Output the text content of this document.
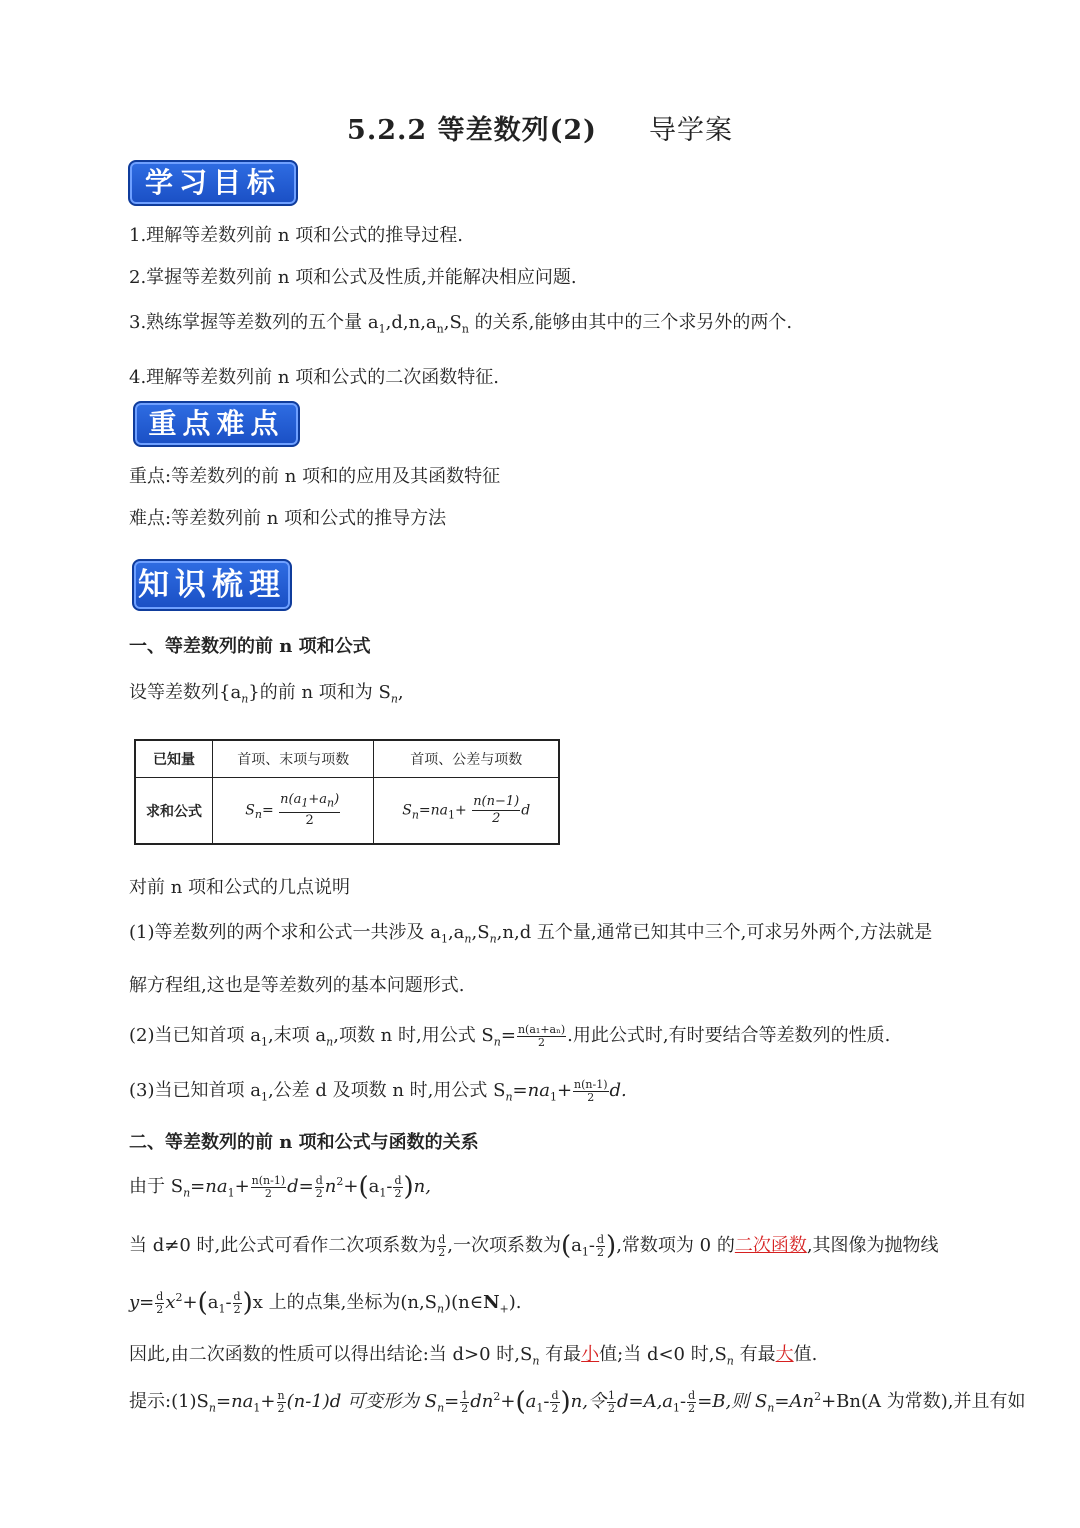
5.2.2 等差数列(2) 导学案
学习目标
1.理解等差数列前 n 项和公式的推导过程.
2.掌握等差数列前 n 项和公式及性质,并能解决相应问题.
3.熟练掌握等差数列的五个量 $a_1,d,n,a_n,S_n$ 的关系,能够由其中的三个求另外的两个.
4.理解等差数列前 n 项和公式的二次函数特征.
重点难点
重点:等差数列的前 n 项和的应用及其函数特征
难点:等差数列前 n 项和公式的推导方法
知识梳理
一、等差数列的前 n 项和公式
设等差数列$\{a_n\}$的前 n 项和为 $S_n$,
已知量	首项、末项与项数	首项、公差与项数
求和公式	$S_n= \frac{n(a_1+a_n)}{2}$	$S_n=na_1+ \frac{n(n-1)}{2}$ d
对前 n 项和公式的几点说明
(1)等差数列的两个求和公式一共涉及 $a_1,a_n,S_n,n,d$ 五个量,通常已知其中三个,可求另外两个,方法就是
解方程组,这也是等差数列的基本问题形式.
(2)当已知首项 $a_1$,末项 $a_n$,项数 n 时,用公式 $S_n= \frac{\text{n(a₁+aₙ)}}{2}$ .用此公式时,有时要结合等差数列的性质.
(3)当已知首项 $a_1$,公差 d 及项数 n 时,用公式 $S_n=na_1+ \frac{n(n-1)}{2} d$.
二、等差数列的前 n 项和公式与函数的关系
由于 $S_n=na_1+ \frac{n(n-1)}{2} d= \frac{d}{2} n^2+(a_1- \frac{d}{2} )n$,
当 d≠0 时,此公式可看作二次项系数为 $\frac{d}{2}$ ,一次项系数为($a_1- \frac{d}{2}$ ),常数项为 0 的二次函数,其图像为抛物线
$y= \frac{d}{2} x^2+(a_1- \frac{d}{2} )x$ 上的点集,坐标为$(n,S_n)(n\in N_+)$.
因此,由二次函数的性质可以得出结论:当 d>0 时$,S_n$ 有最小值;当 d<0 时$,S_n$ 有最大值.
提示$:(1)S_n=na_1+ \frac{n}{2} (n-1)d$ 可变形为 $S_n= \frac{1}{2} dn^2+(a_1- \frac{d}{2} )n$,令 $\frac{1}{2} d=A,a_1- \frac{d}{2} =B$,则 $S_n=An^2+Bn(A$ 为常数),并且有如
